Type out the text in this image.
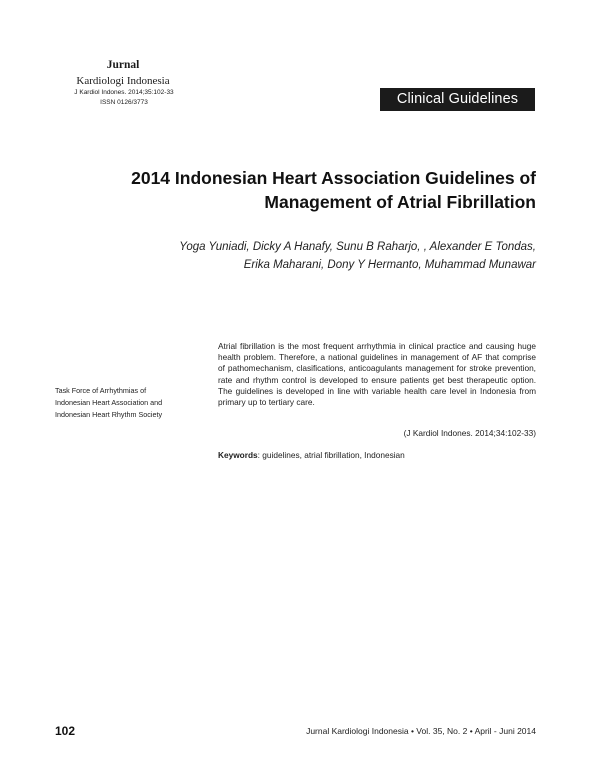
Jurnal
Kardiologi Indonesia
J Kardiol Indones. 2014;35:102-33
ISSN 0126/3773	Clinical Guidelines
2014 Indonesian Heart Association Guidelines of Management of Atrial Fibrillation
Yoga Yuniadi, Dicky A Hanafy, Sunu B Raharjo, , Alexander E Tondas,
Erika Maharani, Dony Y Hermanto, Muhammad Munawar
Task Force of Arrhythmias of
Indonesian Heart Association and
Indonesian Heart Rhythm Society
Atrial fibrillation is the most frequent arrhythmia in clinical practice and causing huge health problem. Therefore, a national guidelines in management of AF that comprise of pathomechanism, clasifications, anticoagulants management for stroke prevention, rate and rhythm control is developed to ensure patients get best therapeutic option. The guidelines is developed in line with variable health care level in Indonesia from primary up to tertiary care.
(J Kardiol Indones. 2014;34:102-33)
Keywords: guidelines, atrial fibrillation, Indonesian
102	Jurnal Kardiologi Indonesia • Vol. 35, No. 2 • April - Juni 2014
